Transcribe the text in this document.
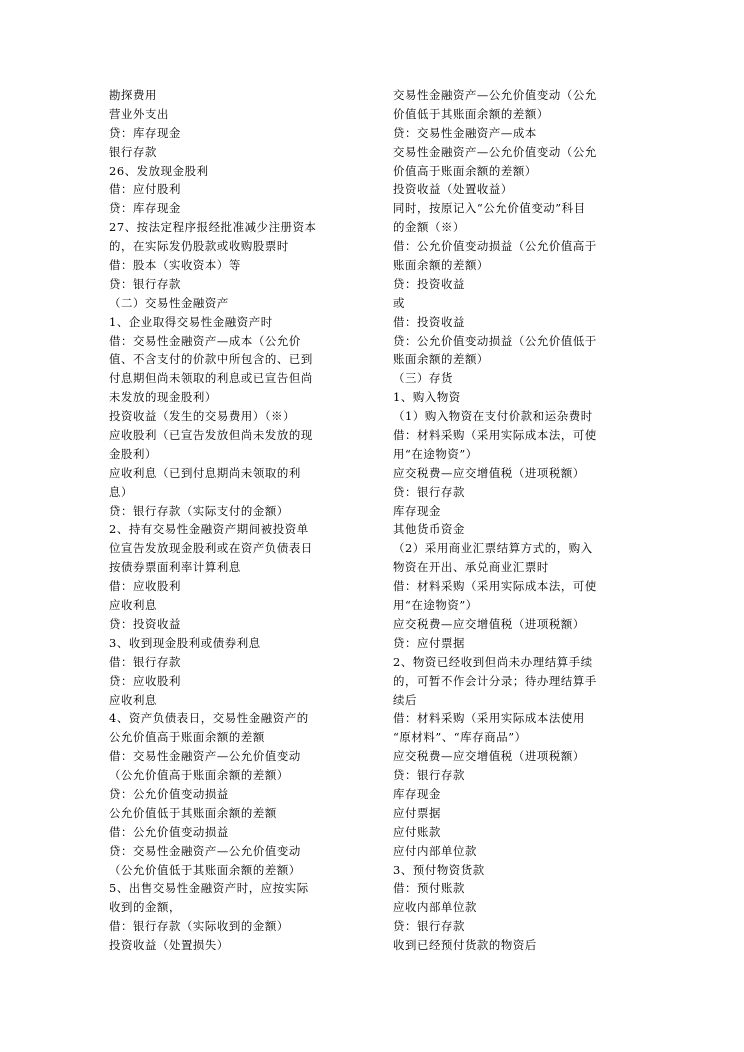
勘探费用
营业外支出
贷：库存现金
银行存款
26、发放现金股利
借：应付股利
贷：库存现金
27、按法定程序报经批准减少注册资本
的，在实际发仍股款或收购股票时
借：股本（实收资本）等
贷：银行存款
（二）交易性金融资产
1、企业取得交易性金融资产时
借：交易性金融资产—成本（公允价
值、不含支付的价款中所包含的、已到
付息期但尚未领取的利息或已宣告但尚
未发放的现金股利）
投资收益（发生的交易费用）（※）
应收股利（已宣告发放但尚未发放的现
金股利）
应收利息（已到付息期尚未领取的利
息）
贷：银行存款（实际支付的金额）
2、持有交易性金融资产期间被投资单
位宣告发放现金股利或在资产负债表日
按债券票面利率计算利息
借：应收股利
应收利息
贷：投资收益
3、收到现金股利或债券利息
借：银行存款
贷：应收股利
应收利息
4、资产负债表日，交易性金融资产的
公允价值高于账面余额的差额
借：交易性金融资产—公允价值变动
（公允价值高于账面余额的差额）
贷：公允价值变动损益
公允价值低于其账面余额的差额
借：公允价值变动损益
贷：交易性金融资产—公允价值变动
（公允价值低于其账面余额的差额）
5、出售交易性金融资产时，应按实际
收到的金额，
借：银行存款（实际收到的金额）
投资收益（处置损失）
交易性金融资产—公允价值变动（公允
价值低于其账面余额的差额）
贷：交易性金融资产—成本
交易性金融资产—公允价值变动（公允
价值高于账面余额的差额）
投资收益（处置收益）
同时，按原记入“公允价值变动”科目
的金额（※）
借：公允价值变动损益（公允价值高于
账面余额的差额）
贷：投资收益
或
借：投资收益
贷：公允价值变动损益（公允价值低于
账面余额的差额）
（三）存货
1、购入物资
（1）购入物资在支付价款和运杂费时
借：材料采购（采用实际成本法，可使
用“在途物资”）
应交税费—应交增值税（进项税额）
贷：银行存款
库存现金
其他货币资金
（2）采用商业汇票结算方式的，购入
物资在开出、承兑商业汇票时
借：材料采购（采用实际成本法，可使
用“在途物资”）
应交税费—应交增值税（进项税额）
贷：应付票据
2、物资已经收到但尚未办理结算手续
的，可暂不作会计分录；待办理结算手
续后
借：材料采购（采用实际成本法使用
“原材料”、“库存商品”）
应交税费—应交增值税（进项税额）
贷：银行存款
库存现金
应付票据
应付账款
应付内部单位款
3、预付物资货款
借：预付账款
应收内部单位款
贷：银行存款
收到已经预付货款的物资后
